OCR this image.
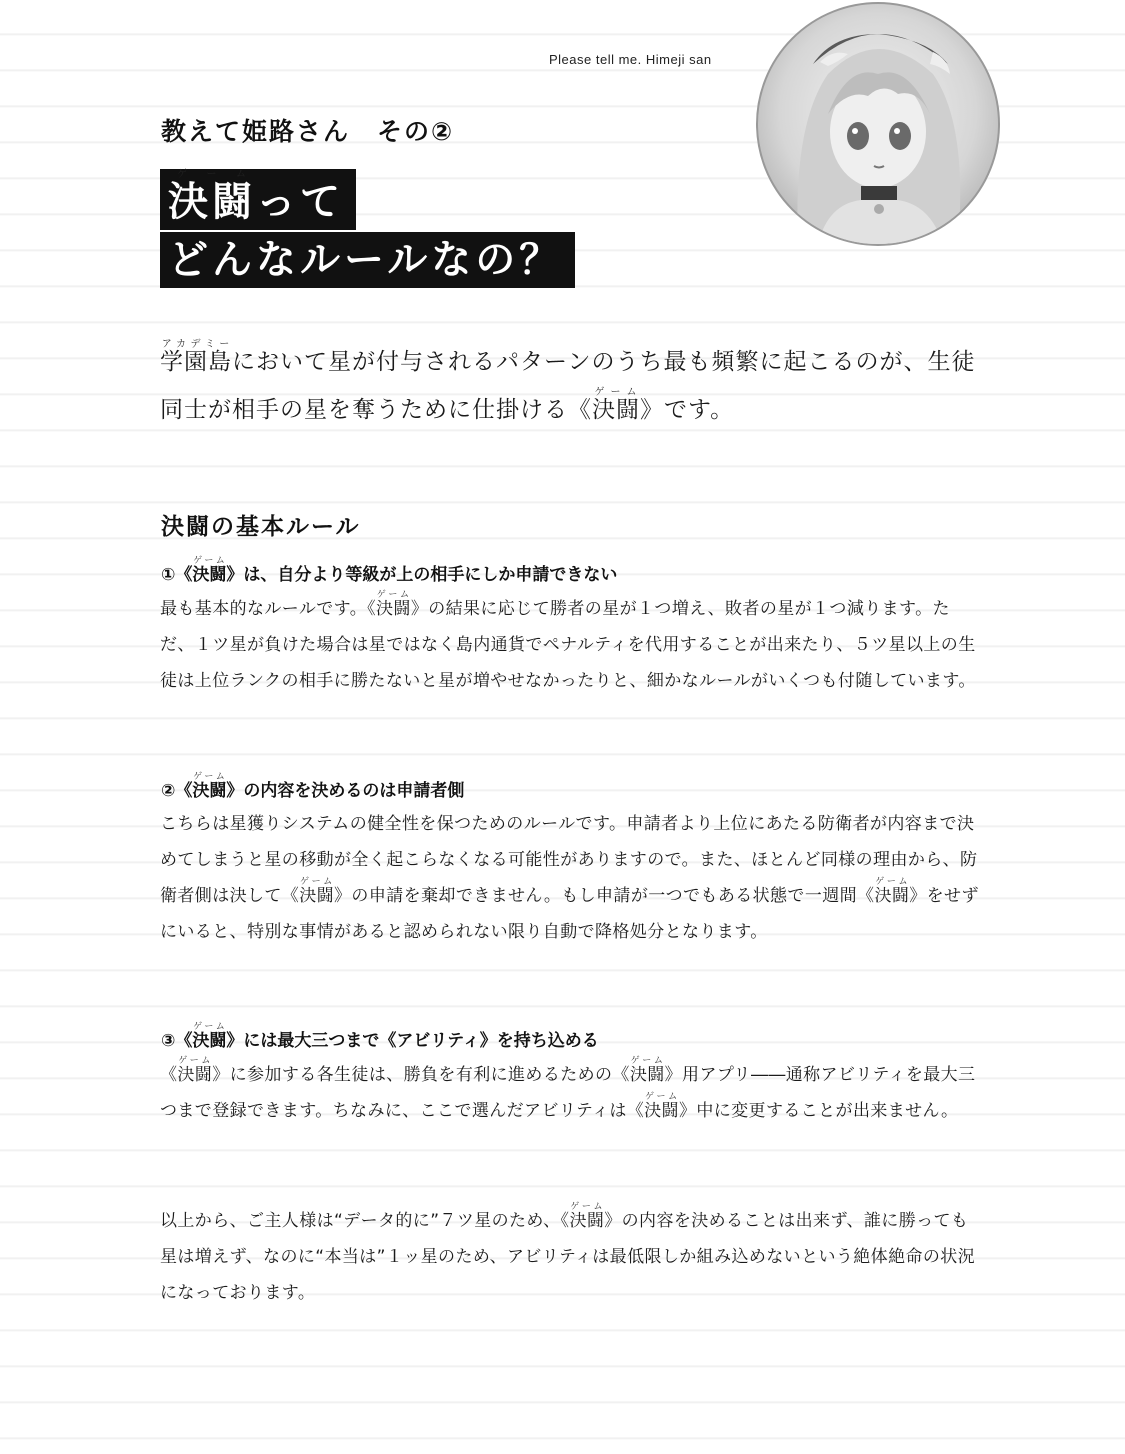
Please tell me. Himeji san
教えて姫路さん　その②
決闘ゲームって
どんなルールなの？
学園島アカデミーにおいて星が付与されるパターンのうち最も頻繁に起こるのが、生徒同士が相手の星を奪うために仕掛ける《決闘ゲーム》です。
決闘の基本ルール
①《決闘ゲーム》は、自分より等級が上の相手にしか申請できない

最も基本的なルールです。《決闘ゲーム》の結果に応じて勝者の星が１つ増え、敗者の星が１つ減ります。ただ、１ツ星が負けた場合は星ではなく島内通貨でペナルティを代用することが出来たり、５ツ星以上の生徒は上位ランクの相手に勝たないと星が増やせなかったりと、細かなルールがいくつも付随しています。

②《決闘ゲーム》の内容を決めるのは申請者側

こちらは星獲りシステムの健全性を保つためのルールです。申請者より上位にあたる防衛者が内容まで決めてしまうと星の移動が全く起こらなくなる可能性がありますので。また、ほとんど同様の理由から、防衛者側は決して《決闘ゲーム》の申請を棄却できません。もし申請が一つでもある状態で一週間《決闘ゲーム》をせずにいると、特別な事情があると認められない限り自動で降格処分となります。

③《決闘ゲーム》には最大三つまで《アビリティ》を持ち込める

《決闘ゲーム》に参加する各生徒は、勝負を有利に進めるための《決闘ゲーム》用アプリ――通称アビリティを最大三つまで登録できます。ちなみに、ここで選んだアビリティは《決闘ゲーム》中に変更することが出来ません。

以上から、ご主人様は“データ的に”７ツ星のため、《決闘ゲーム》の内容を決めることは出来ず、誰に勝っても星は増えず、なのに“本当は”１ッ星のため、アビリティは最低限しか組み込めないという絶体絶命の状況になっております。
